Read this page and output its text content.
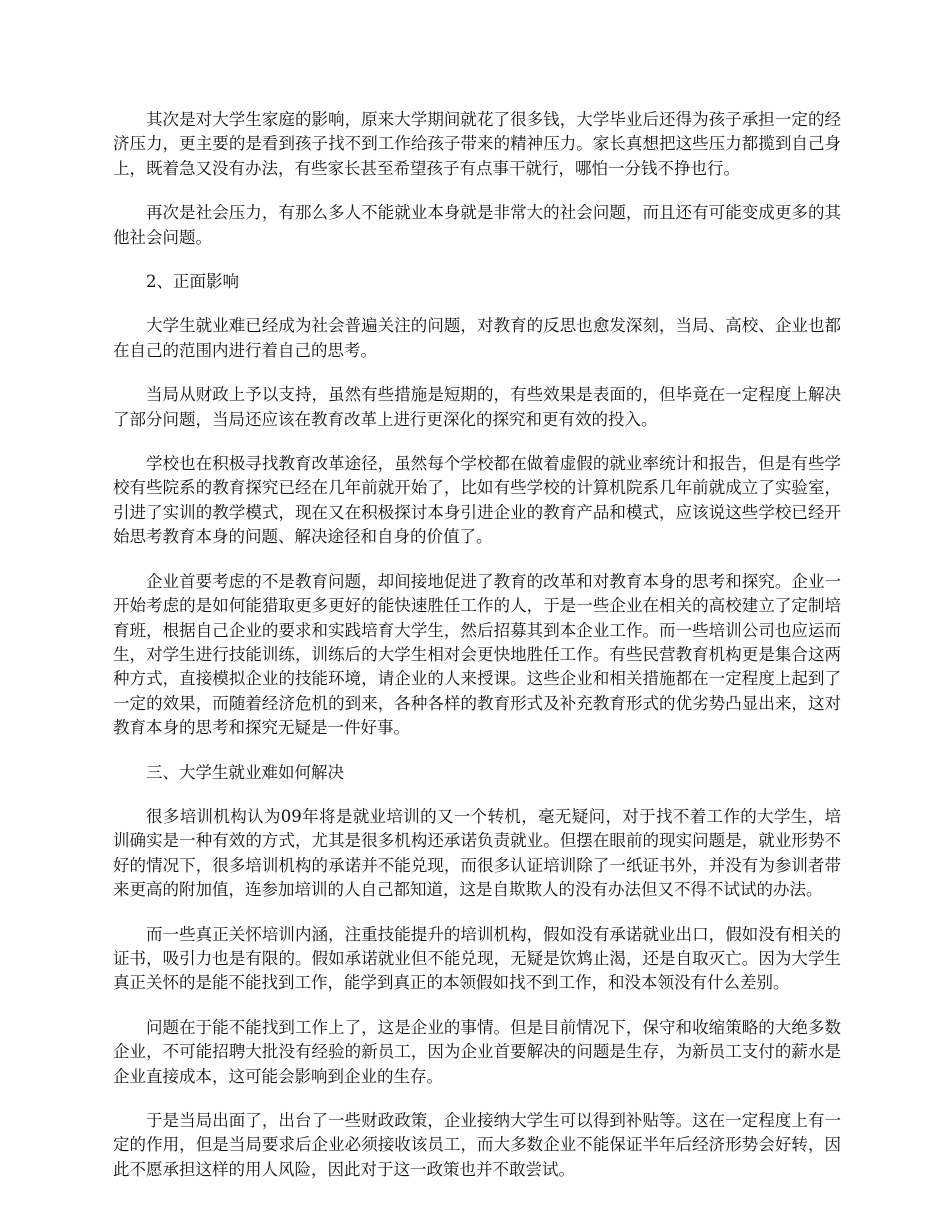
其次是对大学生家庭的影响，原来大学期间就花了很多钱，大学毕业后还得为孩子承担一定的经济压力，更主要的是看到孩子找不到工作给孩子带来的精神压力。家长真想把这些压力都揽到自己身上，既着急又没有办法，有些家长甚至希望孩子有点事干就行，哪怕一分钱不挣也行。

再次是社会压力，有那么多人不能就业本身就是非常大的社会问题，而且还有可能变成更多的其他社会问题。

2、正面影响

大学生就业难已经成为社会普遍关注的问题，对教育的反思也愈发深刻，当局、高校、企业也都在自己的范围内进行着自己的思考。

当局从财政上予以支持，虽然有些措施是短期的，有些效果是表面的，但毕竟在一定程度上解决了部分问题，当局还应该在教育改革上进行更深化的探究和更有效的投入。

学校也在积极寻找教育改革途径，虽然每个学校都在做着虚假的就业率统计和报告，但是有些学校有些院系的教育探究已经在几年前就开始了，比如有些学校的计算机院系几年前就成立了实验室，引进了实训的教学模式，现在又在积极探讨本身引进企业的教育产品和模式，应该说这些学校已经开始思考教育本身的问题、解决途径和自身的价值了。

企业首要考虑的不是教育问题，却间接地促进了教育的改革和对教育本身的思考和探究。企业一开始考虑的是如何能猎取更多更好的能快速胜任工作的人，于是一些企业在相关的高校建立了定制培育班，根据自己企业的要求和实践培育大学生，然后招募其到本企业工作。而一些培训公司也应运而生，对学生进行技能训练，训练后的大学生相对会更快地胜任工作。有些民营教育机构更是集合这两种方式，直接模拟企业的技能环境，请企业的人来授课。这些企业和相关措施都在一定程度上起到了一定的效果，而随着经济危机的到来，各种各样的教育形式及补充教育形式的优劣势凸显出来，这对教育本身的思考和探究无疑是一件好事。

三、大学生就业难如何解决

很多培训机构认为09年将是就业培训的又一个转机，毫无疑问，对于找不着工作的大学生，培训确实是一种有效的方式，尤其是很多机构还承诺负责就业。但摆在眼前的现实问题是，就业形势不好的情况下，很多培训机构的承诺并不能兑现，而很多认证培训除了一纸证书外，并没有为参训者带来更高的附加值，连参加培训的人自己都知道，这是自欺欺人的没有办法但又不得不试试的办法。

而一些真正关怀培训内涵，注重技能提升的培训机构，假如没有承诺就业出口，假如没有相关的证书，吸引力也是有限的。假如承诺就业但不能兑现，无疑是饮鸩止渴，还是自取灭亡。因为大学生真正关怀的是能不能找到工作，能学到真正的本领假如找不到工作，和没本领没有什么差别。

问题在于能不能找到工作上了，这是企业的事情。但是目前情况下，保守和收缩策略的大绝多数企业，不可能招聘大批没有经验的新员工，因为企业首要解决的问题是生存，为新员工支付的薪水是企业直接成本，这可能会影响到企业的生存。

于是当局出面了，出台了一些财政政策，企业接纳大学生可以得到补贴等。这在一定程度上有一定的作用，但是当局要求后企业必须接收该员工，而大多数企业不能保证半年后经济形势会好转，因此不愿承担这样的用人风险，因此对于这一政策也并不敢尝试。
